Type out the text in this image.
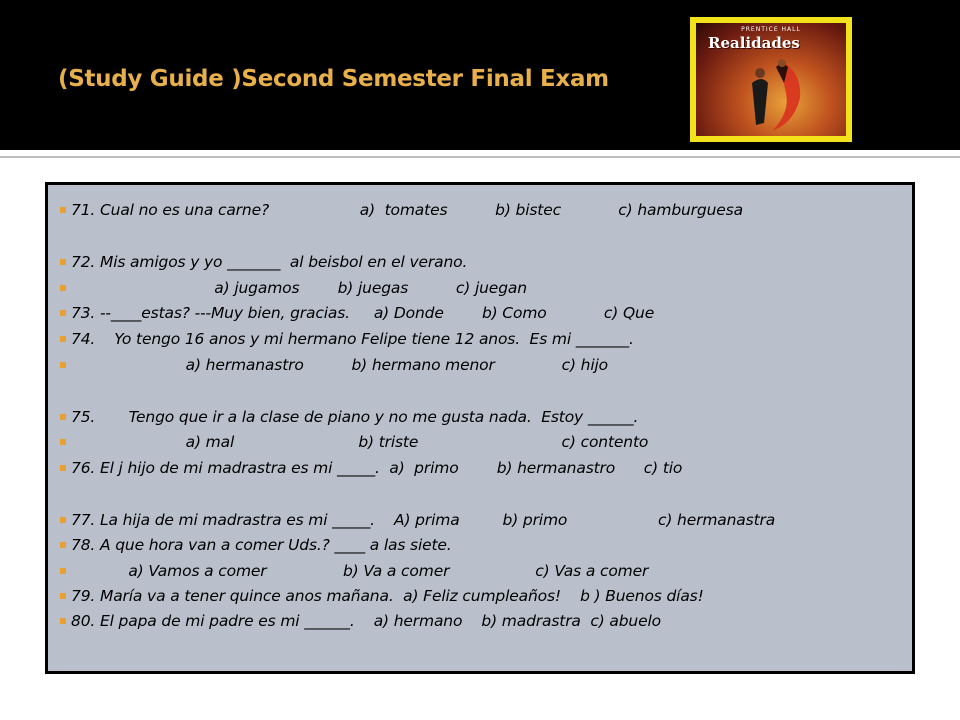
(Study Guide )Second Semester Final Exam
PRENTICE HALL
Realidades
71. Cual no es una carne?                   a)  tomates          b) bistec            c) hamburguesa
72. Mis amigos y yo _______  al beisbol en el verano.
a) jugamos        b) juegas          c) juegan
73. --____estas? ---Muy bien, gracias.     a) Donde        b) Como            c) Que
74.    Yo tengo 16 anos y mi hermano Felipe tiene 12 anos.  Es mi _______.
a) hermanastro          b) hermano menor              c) hijo
75.       Tengo que ir a la clase de piano y no me gusta nada.  Estoy ______.
a) mal                          b) triste                              c) contento
76. El j hijo de mi madrastra es mi _____.  a)  primo        b) hermanastro      c) tio
77. La hija de mi madrastra es mi _____.    A) prima         b) primo                   c) hermanastra
78. A que hora van a comer Uds.? ____ a las siete.
a) Vamos a comer                b) Va a comer                  c) Vas a comer
79. María va a tener quince anos mañana.  a) Feliz cumpleaños!    b ) Buenos días!
80. El papa de mi padre es mi ______.    a) hermano    b) madrastra  c) abuelo
